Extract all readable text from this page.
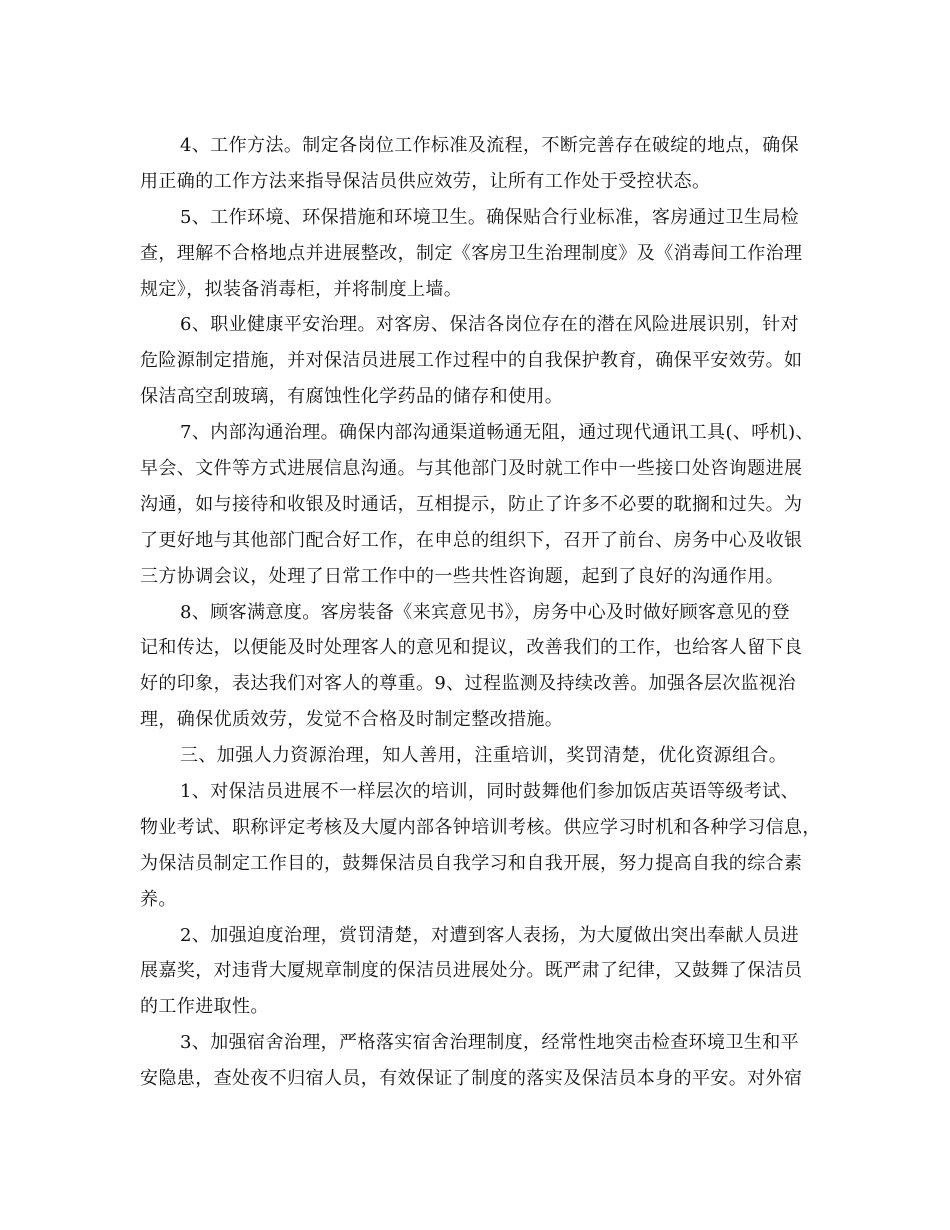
4、工作方法。制定各岗位工作标准及流程，不断完善存在破绽的地点，确保
用正确的工作方法来指导保洁员供应效劳，让所有工作处于受控状态。
5、工作环境、环保措施和环境卫生。确保贴合行业标准，客房通过卫生局检
查，理解不合格地点并进展整改，制定《客房卫生治理制度》及《消毒间工作治理
规定》，拟装备消毒柜，并将制度上墙。
6、职业健康平安治理。对客房、保洁各岗位存在的潜在风险进展识别，针对
危险源制定措施，并对保洁员进展工作过程中的自我保护教育，确保平安效劳。如
保洁高空刮玻璃，有腐蚀性化学药品的储存和使用。
7、内部沟通治理。确保内部沟通渠道畅通无阻，通过现代通讯工具(、呼机)、
早会、文件等方式进展信息沟通。与其他部门及时就工作中一些接口处咨询题进展
沟通，如与接待和收银及时通话，互相提示，防止了许多不必要的耽搁和过失。为
了更好地与其他部门配合好工作，在申总的组织下，召开了前台、房务中心及收银
三方协调会议，处理了日常工作中的一些共性咨询题，起到了良好的沟通作用。
8、顾客满意度。客房装备《来宾意见书》，房务中心及时做好顾客意见的登
记和传达，以便能及时处理客人的意见和提议，改善我们的工作，也给客人留下良
好的印象，表达我们对客人的尊重。9、过程监测及持续改善。加强各层次监视治
理，确保优质效劳，发觉不合格及时制定整改措施。
三、加强人力资源治理，知人善用，注重培训，奖罚清楚，优化资源组合。
1、对保洁员进展不一样层次的培训，同时鼓舞他们参加饭店英语等级考试、
物业考试、职称评定考核及大厦内部各钟培训考核。供应学习时机和各种学习信息，
为保洁员制定工作目的，鼓舞保洁员自我学习和自我开展，努力提高自我的综合素
养。
2、加强迫度治理，赏罚清楚，对遭到客人表扬，为大厦做出突出奉献人员进
展嘉奖，对违背大厦规章制度的保洁员进展处分。既严肃了纪律，又鼓舞了保洁员
的工作进取性。
3、加强宿舍治理，严格落实宿舍治理制度，经常性地突击检查环境卫生和平
安隐患，查处夜不归宿人员，有效保证了制度的落实及保洁员本身的平安。对外宿
